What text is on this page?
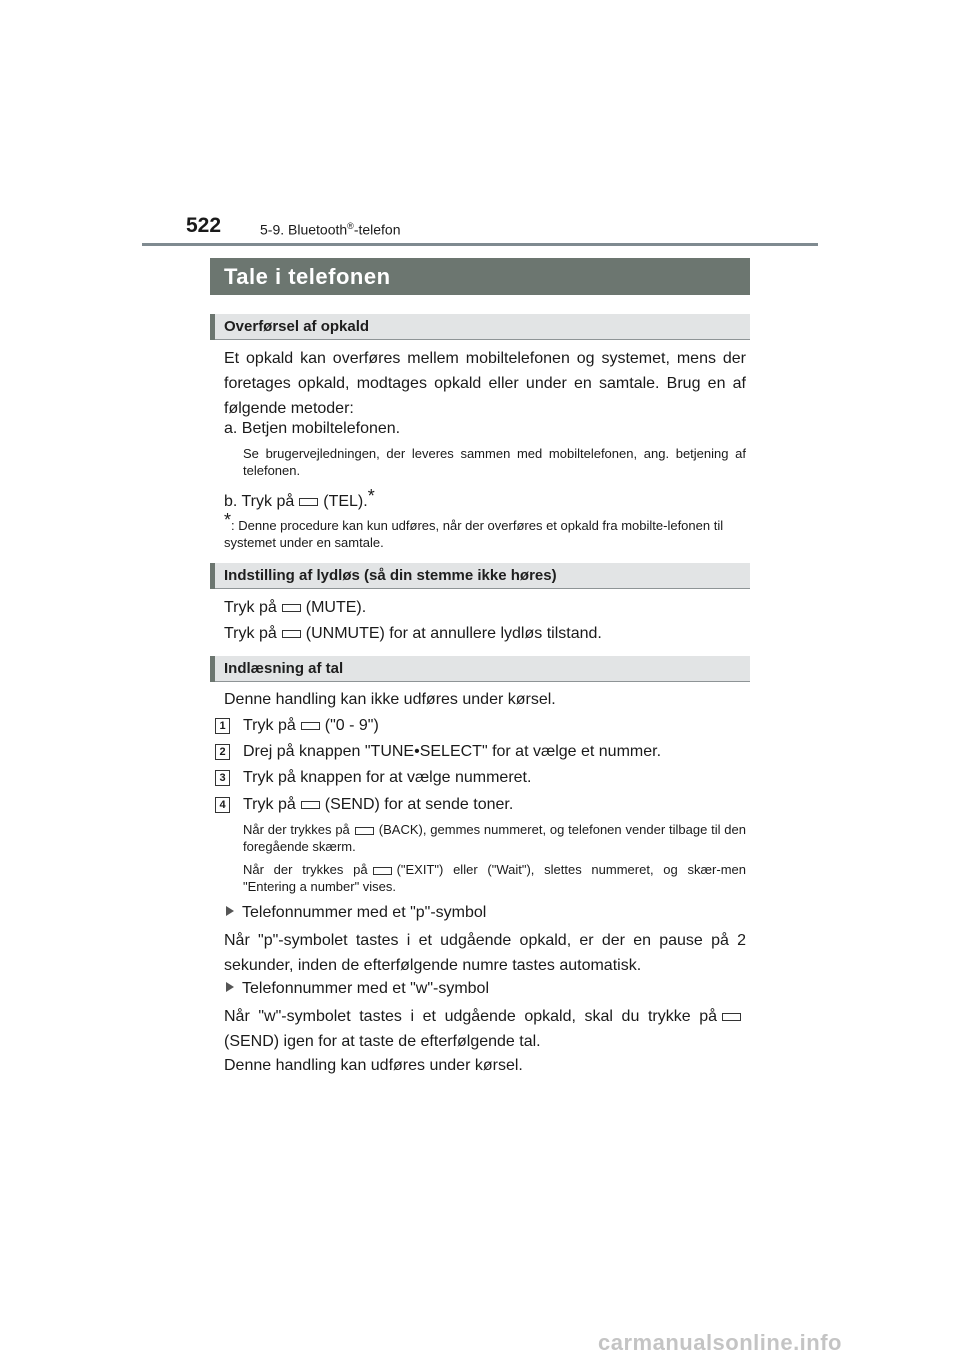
522	5-9. Bluetooth®-telefon
Tale i telefonen
Overførsel af opkald
Et opkald kan overføres mellem mobiltelefonen og systemet, mens der foretages opkald, modtages opkald eller under en samtale. Brug en af følgende metoder:
a. Betjen mobiltelefonen.
Se brugervejledningen, der leveres sammen med mobiltelefonen, ang. betjening af telefonen.
b. Tryk på (TEL).*
*: Denne procedure kan kun udføres, når der overføres et opkald fra mobilte-lefonen til systemet under en samtale.
Indstilling af lydløs (så din stemme ikke høres)
Tryk på (MUTE).
Tryk på (UNMUTE) for at annullere lydløs tilstand.
Indlæsning af tal
Denne handling kan ikke udføres under kørsel.
1 Tryk på ("0 - 9")
2 Drej på knappen "TUNE•SELECT" for at vælge et nummer.
3 Tryk på knappen for at vælge nummeret.
4 Tryk på (SEND) for at sende toner.
Når der trykkes på (BACK), gemmes nummeret, og telefonen vender tilbage til den foregående skærm.
Når der trykkes på ("EXIT") eller ("Wait"), slettes nummeret, og skær-men "Entering a number" vises.
Telefonnummer med et "p"-symbol
Når "p"-symbolet tastes i et udgående opkald, er der en pause på 2 sekunder, inden de efterfølgende numre tastes automatisk.
Telefonnummer med et "w"-symbol
Når "w"-symbolet tastes i et udgående opkald, skal du trykke på(SEND) igen for at taste de efterfølgende tal.
Denne handling kan udføres under kørsel.
carmanualsonline.info
